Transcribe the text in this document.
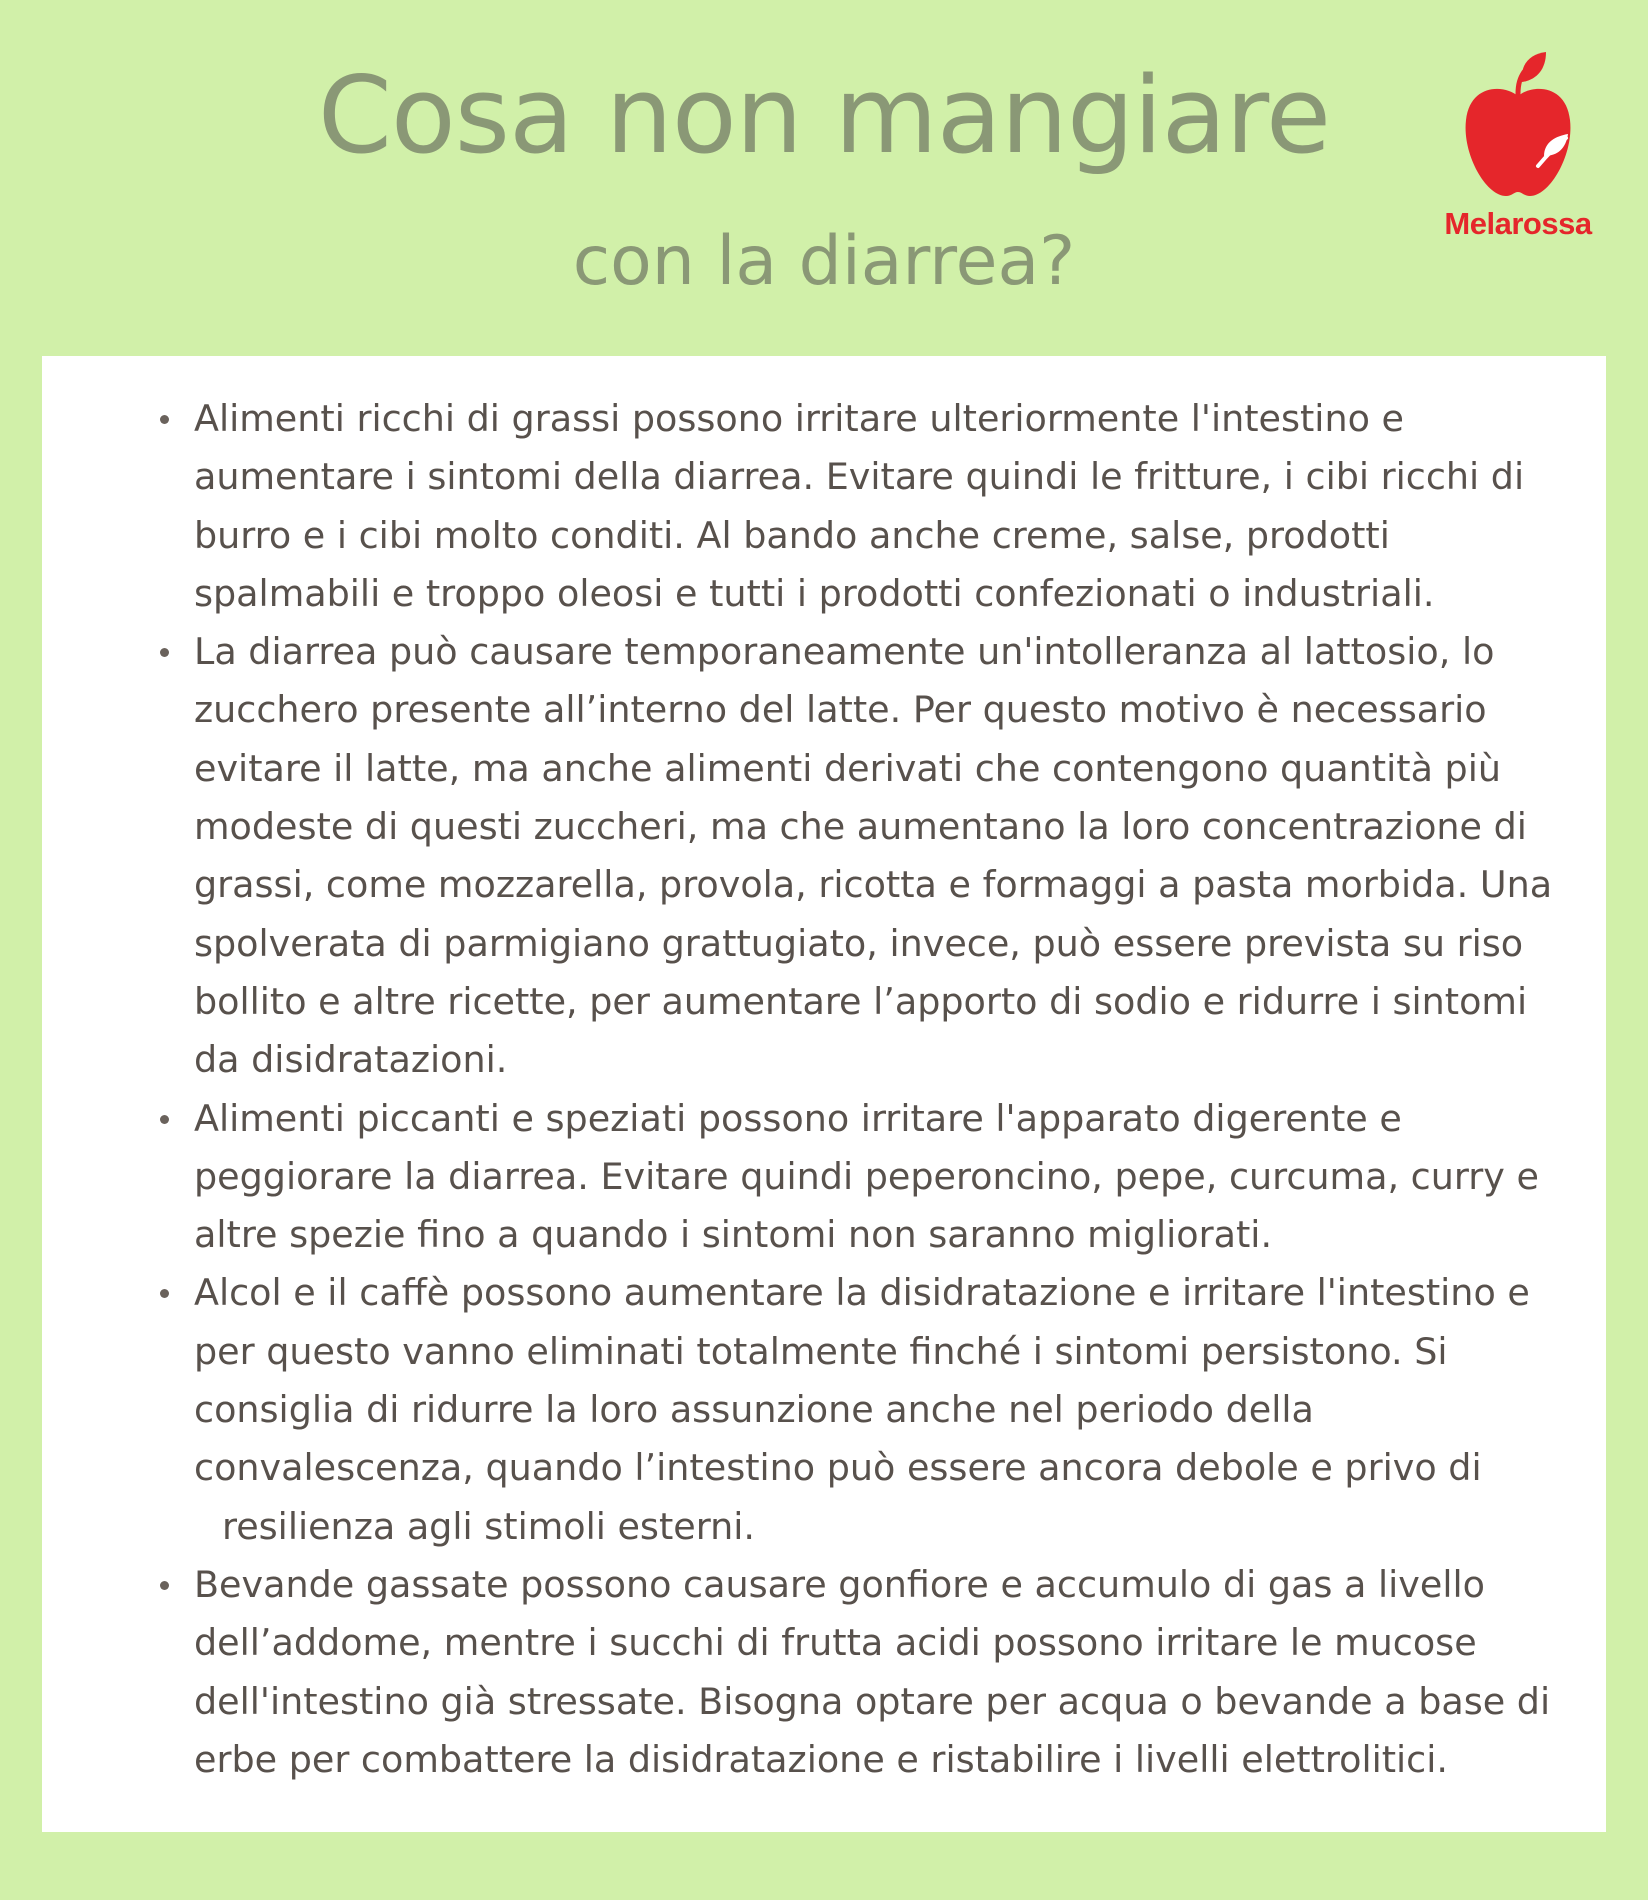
Cosa non mangiare
con la diarrea?	Melarossa
Alimenti ricchi di grassi possono irritare ulteriormente l'intestino e
aumentare i sintomi della diarrea. Evitare quindi le fritture, i cibi ricchi di
burro e i cibi molto conditi. Al bando anche creme, salse, prodotti
spalmabili e troppo oleosi e tutti i prodotti confezionati o industriali.
La diarrea può causare temporaneamente un'intolleranza al lattosio, lo
zucchero presente all’interno del latte. Per questo motivo è necessario
evitare il latte, ma anche alimenti derivati che contengono quantità più
modeste di questi zuccheri, ma che aumentano la loro concentrazione di
grassi, come mozzarella, provola, ricotta e formaggi a pasta morbida. Una
spolverata di parmigiano grattugiato, invece, può essere prevista su riso
bollito e altre ricette, per aumentare l’apporto di sodio e ridurre i sintomi
da disidratazioni.
Alimenti piccanti e speziati possono irritare l'apparato digerente e
peggiorare la diarrea. Evitare quindi peperoncino, pepe, curcuma, curry e
altre spezie fino a quando i sintomi non saranno migliorati.
Alcol e il caffè possono aumentare la disidratazione e irritare l'intestino e
per questo vanno eliminati totalmente finché i sintomi persistono. Si
consiglia di ridurre la loro assunzione anche nel periodo della
convalescenza, quando l’intestino può essere ancora debole e privo di
resilienza agli stimoli esterni.
Bevande gassate possono causare gonfiore e accumulo di gas a livello
dell’addome, mentre i succhi di frutta acidi possono irritare le mucose
dell'intestino già stressate. Bisogna optare per acqua o bevande a base di
erbe per combattere la disidratazione e ristabilire i livelli elettrolitici.
